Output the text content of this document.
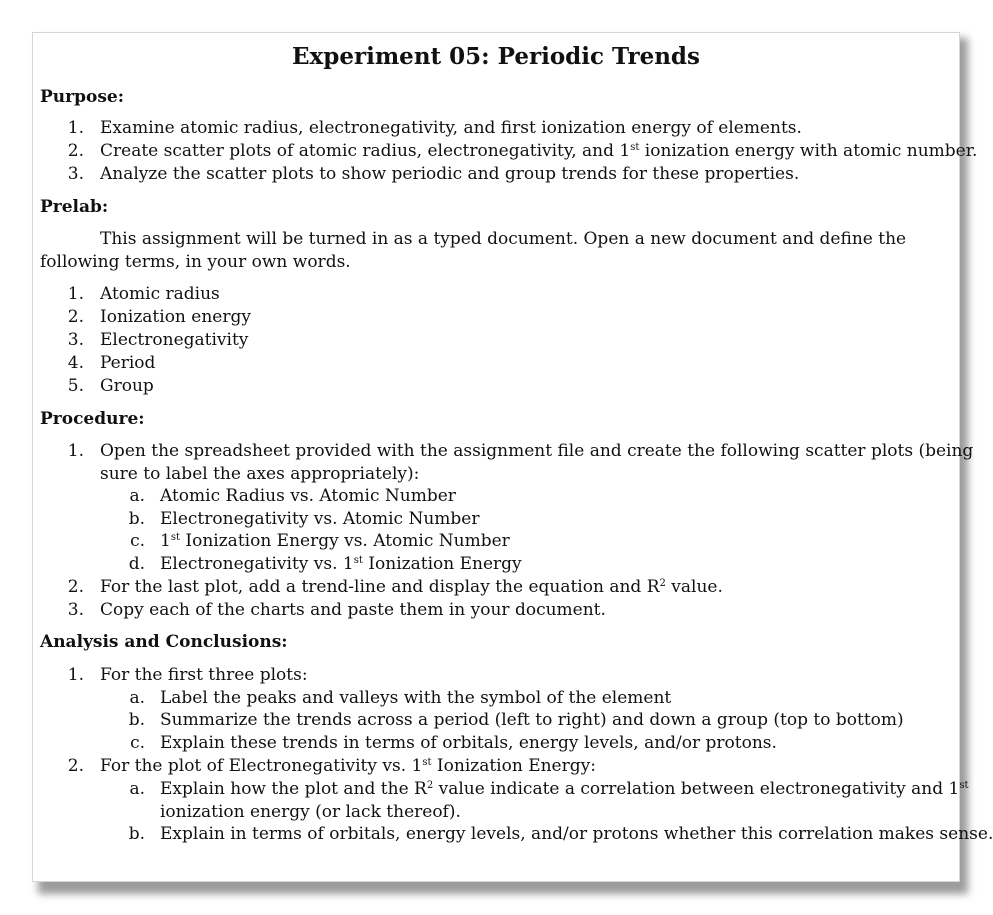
Experiment 05: Periodic Trends
Purpose:
1. Examine atomic radius, electronegativity, and first ionization energy of elements.
2. Create scatter plots of atomic radius, electronegativity, and 1st ionization energy with atomic number.
3. Analyze the scatter plots to show periodic and group trends for these properties.
Prelab:
This assignment will be turned in as a typed document. Open a new document and define the
following terms, in your own words.
1. Atomic radius
2. Ionization energy
3. Electronegativity
4. Period
5. Group
Procedure:
1. Open the spreadsheet provided with the assignment file and create the following scatter plots (being
sure to label the axes appropriately):
a. Atomic Radius vs. Atomic Number
b. Electronegativity vs. Atomic Number
c. 1st Ionization Energy vs. Atomic Number
d. Electronegativity vs. 1st Ionization Energy
2. For the last plot, add a trend-line and display the equation and $R^2$ value.
3. Copy each of the charts and paste them in your document.
Analysis and Conclusions:
1. For the first three plots:
a. Label the peaks and valleys with the symbol of the element
b. Summarize the trends across a period (left to right) and down a group (top to bottom)
c. Explain these trends in terms of orbitals, energy levels, and/or protons.
2. For the plot of Electronegativity vs. 1st Ionization Energy:
a. Explain how the plot and the $R^2$ value indicate a correlation between electronegativity and 1st
ionization energy (or lack thereof).
b. Explain in terms of orbitals, energy levels, and/or protons whether this correlation makes sense.
